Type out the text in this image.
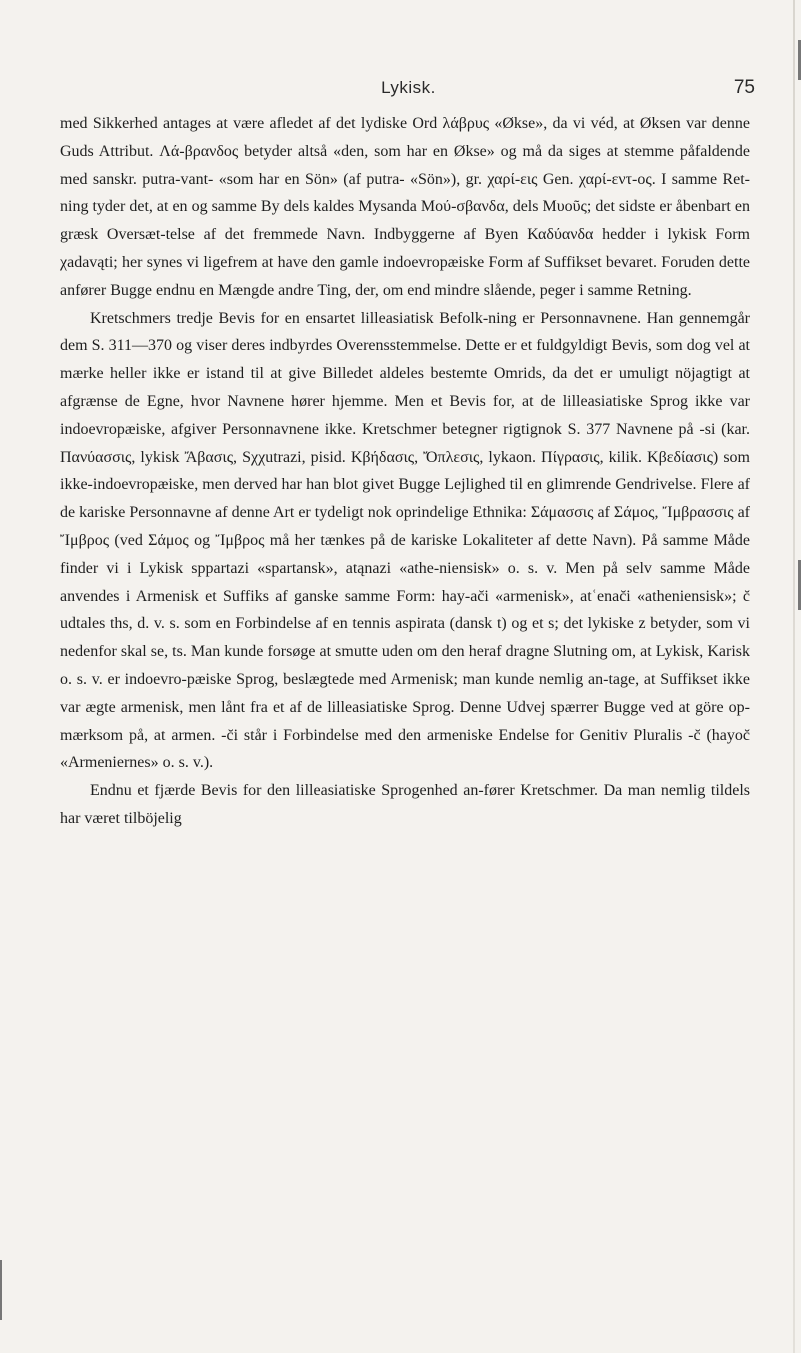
Lykisk.	75

med Sikkerhed antages at være afledet af det lydiske Ord λάβρυς «Økse», da vi véd, at Øksen var denne Guds Attribut. Λά-βρανδος betyder altså «den, som har en Økse» og må da siges at stemme påfaldende med sanskr. putra-vant- «som har en Sön» (af putra- «Sön»), gr. χαρί-εις Gen. χαρί-εντ-ος. I samme Ret-ning tyder det, at en og samme By dels kaldes Mysanda Μού-σβανδα, dels Μυοῦς; det sidste er åbenbart en græsk Oversæt-telse af det fremmede Navn. Indbyggerne af Byen Καδύανδα hedder i lykisk Form χadavąti; her synes vi ligefrem at have den gamle indoevropæiske Form af Suffikset bevaret. Foruden dette anfører Bugge endnu en Mængde andre Ting, der, om end mindre slående, peger i samme Retning.

Kretschmers tredje Bevis for en ensartet lilleasiatisk Befolk-ning er Personnavnene. Han gennemgår dem S. 311—370 og viser deres indbyrdes Overensstemmelse. Dette er et fuldgyldigt Bevis, som dog vel at mærke heller ikke er istand til at give Billedet aldeles bestemte Omrids, da det er umuligt nöjagtigt at afgrænse de Egne, hvor Navnene hører hjemme. Men et Bevis for, at de lilleasiatiske Sprog ikke var indoevropæiske, afgiver Personnavnene ikke. Kretschmer betegner rigtignok S. 377 Navnene på -si (kar. Πανύασσις, lykisk Ἄβασις, Sχχutrazi, pisid. Κβήδασις, Ὄπλεσις, lykaon. Πίγρασις, kilik. Κβεδίασις) som ikke-indoevropæiske, men derved har han blot givet Bugge Lejlighed til en glimrende Gendrivelse. Flere af de kariske Personnavne af denne Art er tydeligt nok oprindelige Ethnika: Σάμασσις af Σάμος, Ἴμβρασσις af Ἴμβρος (ved Σάμος og Ἴμβρος må her tænkes på de kariske Lokaliteter af dette Navn). På samme Måde finder vi i Lykisk sppartazi «spartansk», atąnazi «athe-niensisk» o. s. v. Men på selv samme Måde anvendes i Armenisk et Suffiks af ganske samme Form: hay-ac̆i «armenisk», atʿenac̆i «atheniensisk»; c̆ udtales ths, d. v. s. som en Forbindelse af en tennis aspirata (dansk t) og et s; det lykiske z betyder, som vi nedenfor skal se, ts. Man kunde forsøge at smutte uden om den herаf dragne Slutning om, at Lykisk, Karisk o. s. v. er indoevro-pæiske Sprog, beslægtede med Armenisk; man kunde nemlig an-tage, at Suffikset ikke var ægte armenisk, men lånt fra et af de lilleasiatiske Sprog. Denne Udvej spærrer Bugge ved at göre op-mærksom på, at armen. -c̆i står i Forbindelse med den armeniske Endelse for Genitiv Pluralis -c̆ (hayoc̆ «Armeniernes» o. s. v.).

Endnu et fjærde Bevis for den lilleasiatiske Sprogenhed an-fører Kretschmer. Da man nemlig tildels har været tilböjelig
